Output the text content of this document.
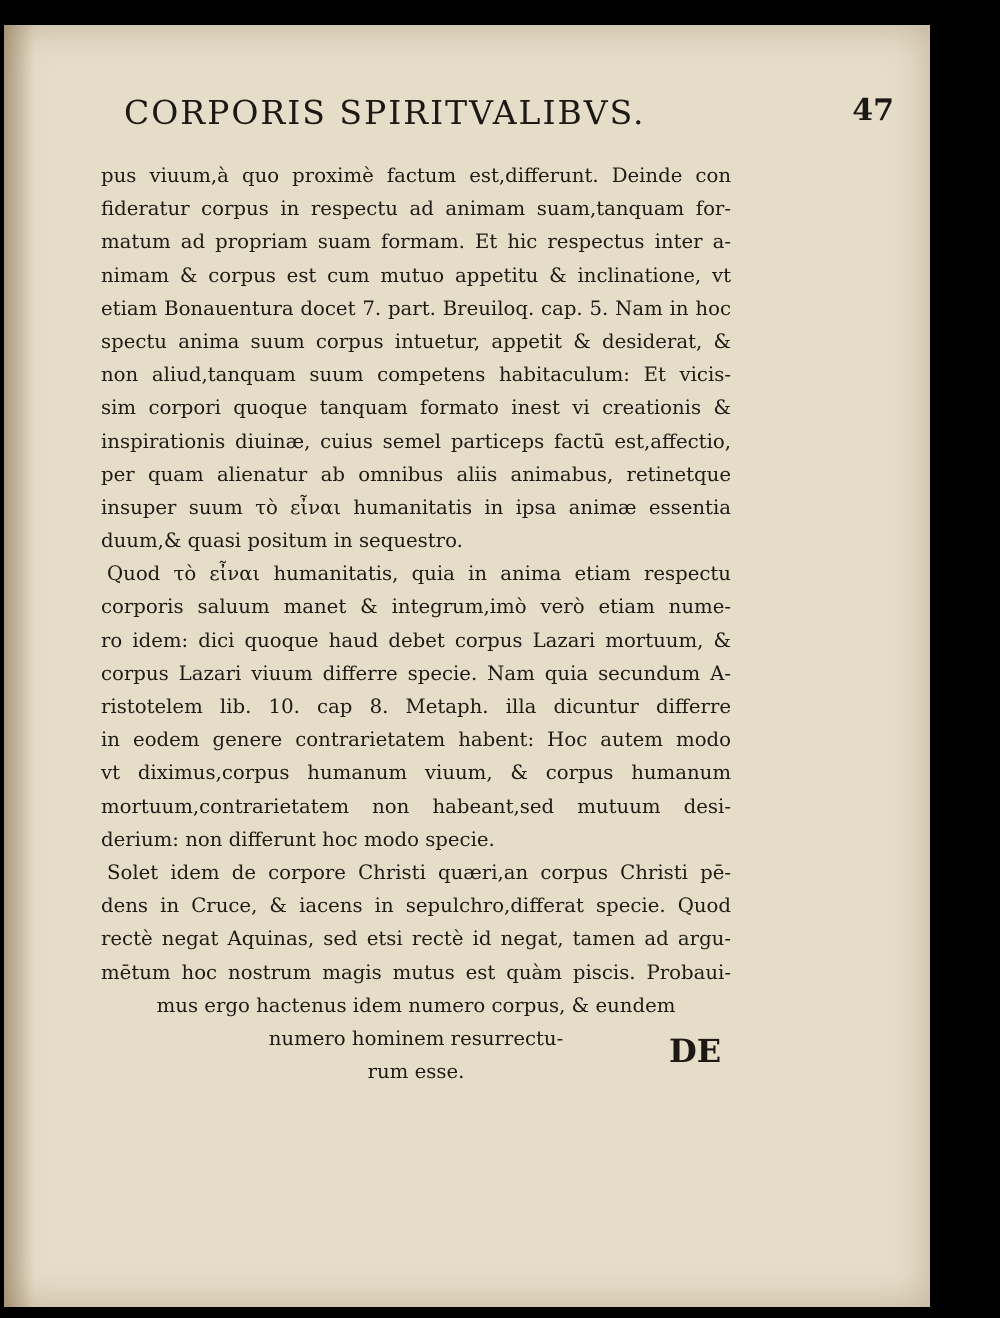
CORPORIS SPIRITVALIBVS.	47
pus viuum,à quo proximè factum est,differunt. Deinde con
fideratur corpus in respectu ad animam suam,tanquam for-
matum ad propriam suam formam. Et hic respectus inter a-
nimam & corpus est cum mutuo appetitu & inclinatione, vt
etiam Bonauentura docet 7. part. Breuiloq. cap. 5. Nam in hoc
spectu anima suum corpus intuetur, appetit & desiderat, &
non aliud,tanquam suum competens habitaculum: Et vicis-
sim corpori quoque tanquam formato inest vi creationis &
inspirationis diuinæ, cuius semel particeps factū est,affectio,
per quam alienatur ab omnibus aliis animabus, retinetque
insuper suum τὸ εἶναι humanitatis in ipsa animæ essentia
duum,& quasi positum in sequestro.
Quod τὸ εἶναι humanitatis, quia in anima etiam respectu
corporis saluum manet & integrum,imò verò etiam nume-
ro idem: dici quoque haud debet corpus Lazari mortuum, &
corpus Lazari viuum differre specie. Nam quia secundum A-
ristotelem lib. 10. cap 8. Metaph. illa dicuntur differre
in eodem genere contrarietatem habent: Hoc autem modo
vt diximus,corpus humanum viuum, & corpus humanum
mortuum,contrarietatem non habeant,sed mutuum desi-
derium: non differunt hoc modo specie.
Solet idem de corpore Christi quæri,an corpus Christi pē-
dens in Cruce, & iacens in sepulchro,differat specie. Quod
rectè negat Aquinas, sed etsi rectè id negat, tamen ad argu-
mētum hoc nostrum magis mutus est quàm piscis. Probaui-
mus ergo hactenus idem numero corpus, & eundem
numero hominem resurrectu-
rum esse.
DE
